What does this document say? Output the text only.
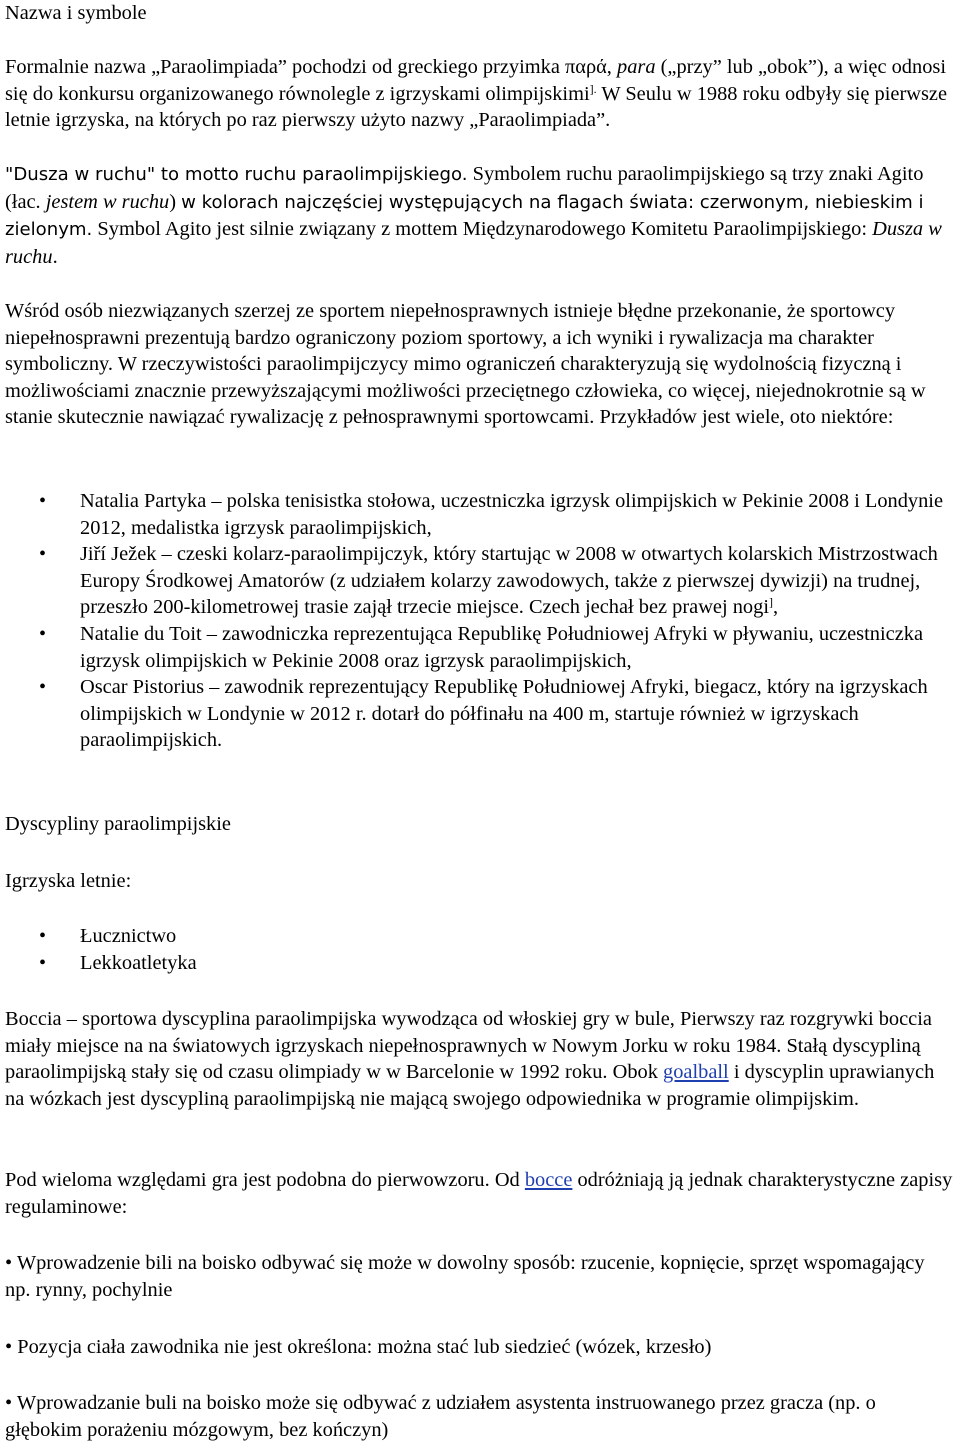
Nazwa i symbole

Formalnie nazwa „Paraolimpiada” pochodzi od greckiego przyimka παρά, para („przy” lub „obok”), a więc odnosi się do konkursu organizowanego równolegle z igrzyskami olimpijskimi]. W Seulu w 1988 roku odbyły się pierwsze letnie igrzyska, na których po raz pierwszy użyto nazwy „Paraolimpiada”.

"Dusza w ruchu" to motto ruchu paraolimpijskiego. Symbolem ruchu paraolimpijskiego są trzy znaki Agito (łac. jestem w ruchu) w kolorach najczęściej występujących na flagach świata: czerwonym, niebieskim i zielonym. Symbol Agito jest silnie związany z mottem Międzynarodowego Komitetu Paraolimpijskiego: Dusza w ruchu.

Wśród osób niezwiązanych szerzej ze sportem niepełnosprawnych istnieje błędne przekonanie, że sportowcy niepełnosprawni prezentują bardzo ograniczony poziom sportowy, a ich wyniki i rywalizacja ma charakter symboliczny. W rzeczywistości paraolimpijczycy mimo ograniczeń charakteryzują się wydolnością fizyczną i możliwościami znacznie przewyższającymi możliwości przeciętnego człowieka, co więcej, niejednokrotnie są w stanie skutecznie nawiązać rywalizację z pełnosprawnymi sportowcami. Przykładów jest wiele, oto niektóre:

• Natalia Partyka – polska tenisistka stołowa, uczestniczka igrzysk olimpijskich w Pekinie 2008 i Londynie 2012, medalistka igrzysk paraolimpijskich,
• Jiří Ježek – czeski kolarz-paraolimpijczyk, który startując w 2008 w otwartych kolarskich Mistrzostwach Europy Środkowej Amatorów (z udziałem kolarzy zawodowych, także z pierwszej dywizji) na trudnej, przeszło 200-kilometrowej trasie zajął trzecie miejsce. Czech jechał bez prawej nogi],
• Natalie du Toit – zawodniczka reprezentująca Republikę Południowej Afryki w pływaniu, uczestniczka igrzysk olimpijskich w Pekinie 2008 oraz igrzysk paraolimpijskich,
• Oscar Pistorius – zawodnik reprezentujący Republikę Południowej Afryki, biegacz, który na igrzyskach olimpijskich w Londynie w 2012 r. dotarł do półfinału na 400 m, startuje również w igrzyskach paraolimpijskich.

Dyscypliny paraolimpijskie

Igrzyska letnie:

• Łucznictwo
• Lekkoatletyka

Boccia – sportowa dyscyplina paraolimpijska wywodząca od włoskiej gry w bule, Pierwszy raz rozgrywki boccia miały miejsce na na światowych igrzyskach niepełnosprawnych w Nowym Jorku w roku 1984. Stałą dyscypliną paraolimpijską stały się od czasu olimpiady w w Barcelonie w 1992 roku. Obok goalball i dyscyplin uprawianych na wózkach jest dyscypliną paraolimpijską nie mającą swojego odpowiednika w programie olimpijskim.

Pod wieloma względami gra jest podobna do pierwowzoru. Od bocce odróżniają ją jednak charakterystyczne zapisy regulaminowe:

• Wprowadzenie bili na boisko odbywać się może w dowolny sposób: rzucenie, kopnięcie, sprzęt wspomagający np. rynny, pochylnie

• Pozycja ciała zawodnika nie jest określona: można stać lub siedzieć (wózek, krzesło)

• Wprowadzanie buli na boisko może się odbywać z udziałem asystenta instruowanego przez gracza (np. o głębokim porażeniu mózgowym, bez kończyn)
